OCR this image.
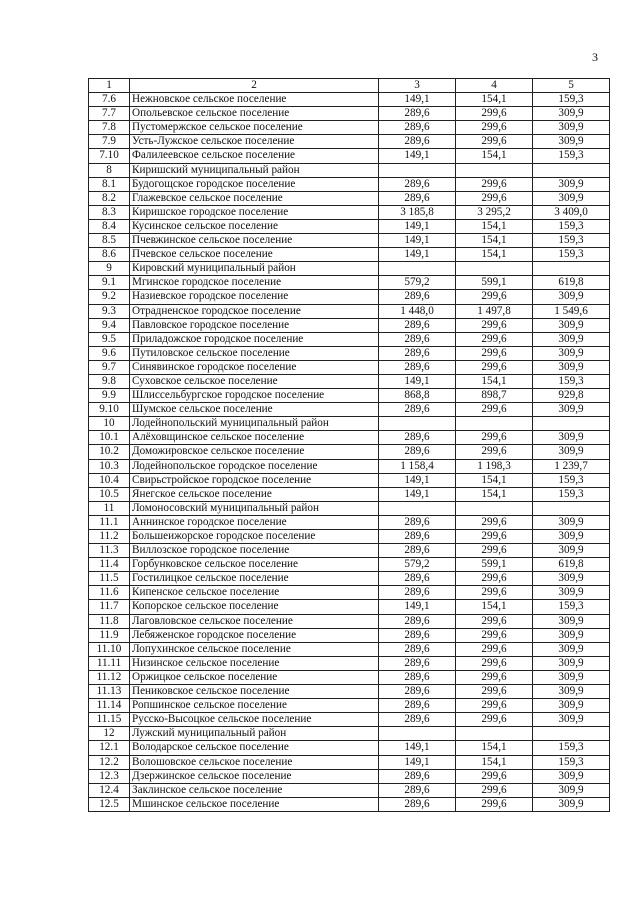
3
1	2	3	4	5
7.6	Нежновское сельское поселение	149,1	154,1	159,3
7.7	Опольевское сельское поселение	289,6	299,6	309,9
7.8	Пустомержское сельское поселение	289,6	299,6	309,9
7.9	Усть-Лужское сельское поселение	289,6	299,6	309,9
7.10	Фалилеевское сельское поселение	149,1	154,1	159,3
8	Киришский муниципальный район			
8.1	Будогощское городское поселение	289,6	299,6	309,9
8.2	Глажевское сельское поселение	289,6	299,6	309,9
8.3	Киришское городское поселение	3 185,8	3 295,2	3 409,0
8.4	Кусинское сельское поселение	149,1	154,1	159,3
8.5	Пчевжинское сельское поселение	149,1	154,1	159,3
8.6	Пчевское сельское поселение	149,1	154,1	159,3
9	Кировский муниципальный район			
9.1	Мгинское городское поселение	579,2	599,1	619,8
9.2	Назиевское городское поселение	289,6	299,6	309,9
9.3	Отрадненское городское поселение	1 448,0	1 497,8	1 549,6
9.4	Павловское городское поселение	289,6	299,6	309,9
9.5	Приладожское городское поселение	289,6	299,6	309,9
9.6	Путиловское сельское поселение	289,6	299,6	309,9
9.7	Синявинское городское поселение	289,6	299,6	309,9
9.8	Суховское сельское поселение	149,1	154,1	159,3
9.9	Шлиссельбургское городское поселение	868,8	898,7	929,8
9.10	Шумское сельское поселение	289,6	299,6	309,9
10	Лодейнопольский муниципальный район			
10.1	Алёховщинское сельское поселение	289,6	299,6	309,9
10.2	Доможировское сельское поселение	289,6	299,6	309,9
10.3	Лодейнопольское городское поселение	1 158,4	1 198,3	1 239,7
10.4	Свирьстройское городское поселение	149,1	154,1	159,3
10.5	Янегское сельское поселение	149,1	154,1	159,3
11	Ломоносовский муниципальный район			
11.1	Аннинское городское поселение	289,6	299,6	309,9
11.2	Большеижорское городское поселение	289,6	299,6	309,9
11.3	Виллозское городское поселение	289,6	299,6	309,9
11.4	Горбунковское сельское поселение	579,2	599,1	619,8
11.5	Гостилицкое сельское поселение	289,6	299,6	309,9
11.6	Кипенское сельское поселение	289,6	299,6	309,9
11.7	Копорское сельское поселение	149,1	154,1	159,3
11.8	Лаговловское сельское поселение	289,6	299,6	309,9
11.9	Лебяженское городское поселение	289,6	299,6	309,9
11.10	Лопухинское сельское поселение	289,6	299,6	309,9
11.11	Низинское сельское поселение	289,6	299,6	309,9
11.12	Оржицкое сельское поселение	289,6	299,6	309,9
11.13	Пениковское сельское поселение	289,6	299,6	309,9
11.14	Ропшинское сельское поселение	289,6	299,6	309,9
11.15	Русско-Высоцкое сельское поселение	289,6	299,6	309,9
12	Лужский муниципальный район			
12.1	Володарское сельское поселение	149,1	154,1	159,3
12.2	Волошовское сельское поселение	149,1	154,1	159,3
12.3	Дзержинское сельское поселение	289,6	299,6	309,9
12.4	Заклинское сельское поселение	289,6	299,6	309,9
12.5	Мшинское сельское поселение	289,6	299,6	309,9
